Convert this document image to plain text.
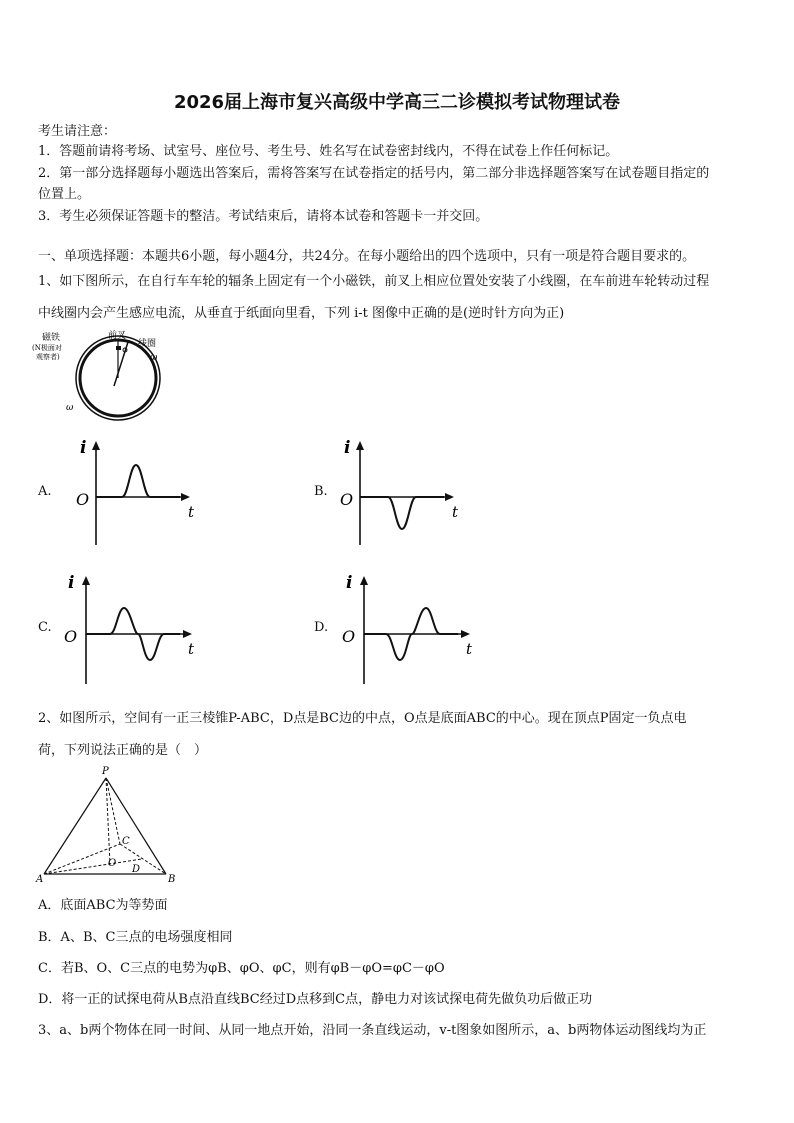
2026届上海市复兴高级中学高三二诊模拟考试物理试卷
考生请注意：
1．答题前请将考场、试室号、座位号、考生号、姓名写在试卷密封线内，不得在试卷上作任何标记。
2．第一部分选择题每小题选出答案后，需将答案写在试卷指定的括号内，第二部分非选择题答案写在试卷题目指定的
位置上。
3．考生必须保证答题卡的整洁。考试结束后，请将本试卷和答题卡一并交回。
一、单项选择题：本题共6小题，每小题4分，共24分。在每小题给出的四个选项中，只有一项是符合题目要求的。
1、如下图所示，在自行车车轮的辐条上固定有一个小磁铁，前叉上相应位置处安装了小线圈，在车前进车轮转动过程
中线圈内会产生感应电流，从垂直于纸面向里看，下列 i-t 图像中正确的是(逆时针方向为正)
磁铁
(N极面对
观察者)
前叉
线圈
ω
ω
A.
i
O
t
B.
i
O
t
C.
i
O
t
D.
i
O
t
2、如图所示，空间有一正三棱锥P-ABC，D点是BC边的中点，O点是底面ABC的中心。现在顶点P固定一负点电
荷，下列说法正确的是（　）
P
A	B
C
O
D
A．底面ABC为等势面
B．A、B、C三点的电场强度相同
C．若B、O、C三点的电势为φB、φO、φC，则有φB－φO=φC－φO
D．将一正的试探电荷从B点沿直线BC经过D点移到C点，静电力对该试探电荷先做负功后做正功
3、a、b两个物体在同一时间、从同一地点开始，沿同一条直线运动，v-t图象如图所示，a、b两物体运动图线均为正
